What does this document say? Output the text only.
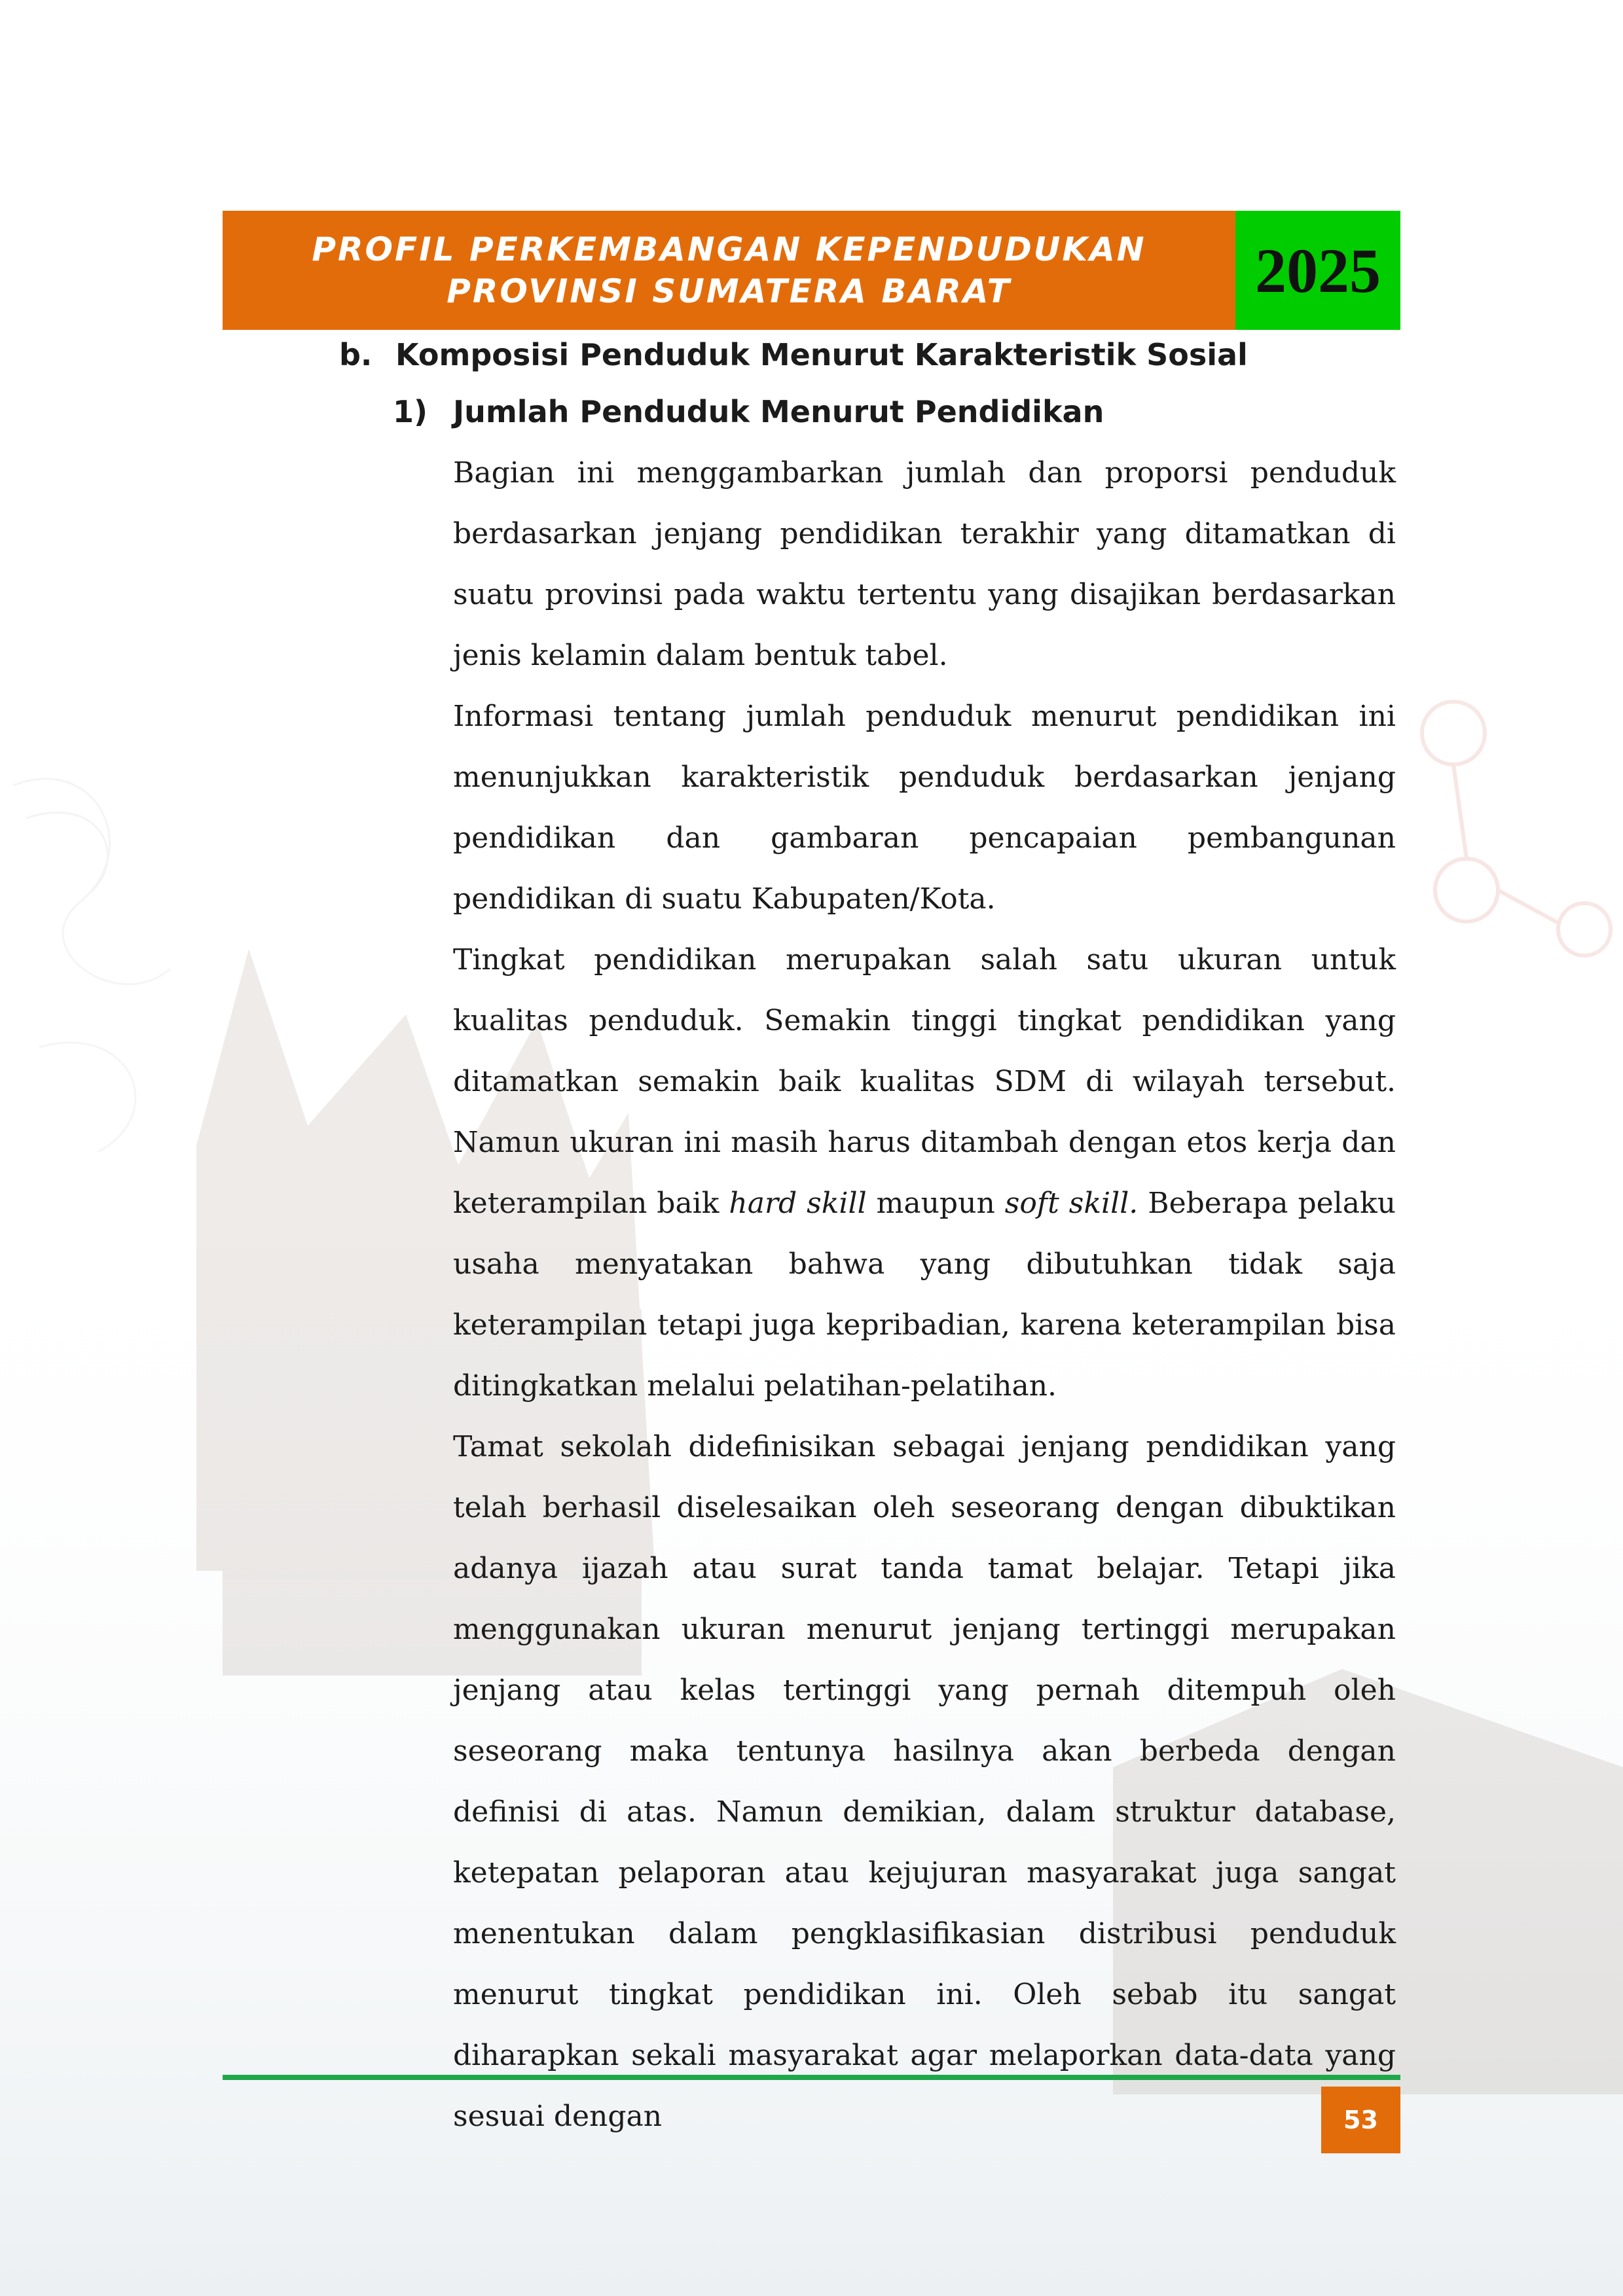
PROFIL PERKEMBANGAN KEPENDUDUKAN
PROVINSI SUMATERA BARAT	2025
b. Komposisi Penduduk Menurut Karakteristik Sosial
1) Jumlah Penduduk Menurut Pendidikan

Bagian ini menggambarkan jumlah dan proporsi penduduk berdasarkan jenjang pendidikan terakhir yang ditamatkan di suatu provinsi pada waktu tertentu yang disajikan berdasarkan jenis kelamin dalam bentuk tabel.

Informasi tentang jumlah penduduk menurut pendidikan ini menunjukkan karakteristik penduduk berdasarkan jenjang pendidikan dan gambaran pencapaian pembangunan pendidikan di suatu Kabupaten/Kota.

Tingkat pendidikan merupakan salah satu ukuran untuk kualitas penduduk. Semakin tinggi tingkat pendidikan yang ditamatkan semakin baik kualitas SDM di wilayah tersebut. Namun ukuran ini masih harus ditambah dengan etos kerja dan keterampilan baik hard skill maupun soft skill. Beberapa pelaku usaha menyatakan bahwa yang dibutuhkan tidak saja keterampilan tetapi juga kepribadian, karena keterampilan bisa ditingkatkan melalui pelatihan-pelatihan.

Tamat sekolah didefinisikan sebagai jenjang pendidikan yang telah berhasil diselesaikan oleh seseorang dengan dibuktikan adanya ijazah atau surat tanda tamat belajar. Tetapi jika menggunakan ukuran menurut jenjang tertinggi merupakan jenjang atau kelas tertinggi yang pernah ditempuh oleh seseorang maka tentunya hasilnya akan berbeda dengan definisi di atas. Namun demikian, dalam struktur database, ketepatan pelaporan atau kejujuran masyarakat juga sangat menentukan dalam pengklasifikasian distribusi penduduk menurut tingkat pendidikan ini. Oleh sebab itu sangat diharapkan sekali masyarakat agar melaporkan data-data yang sesuai dengan	53
